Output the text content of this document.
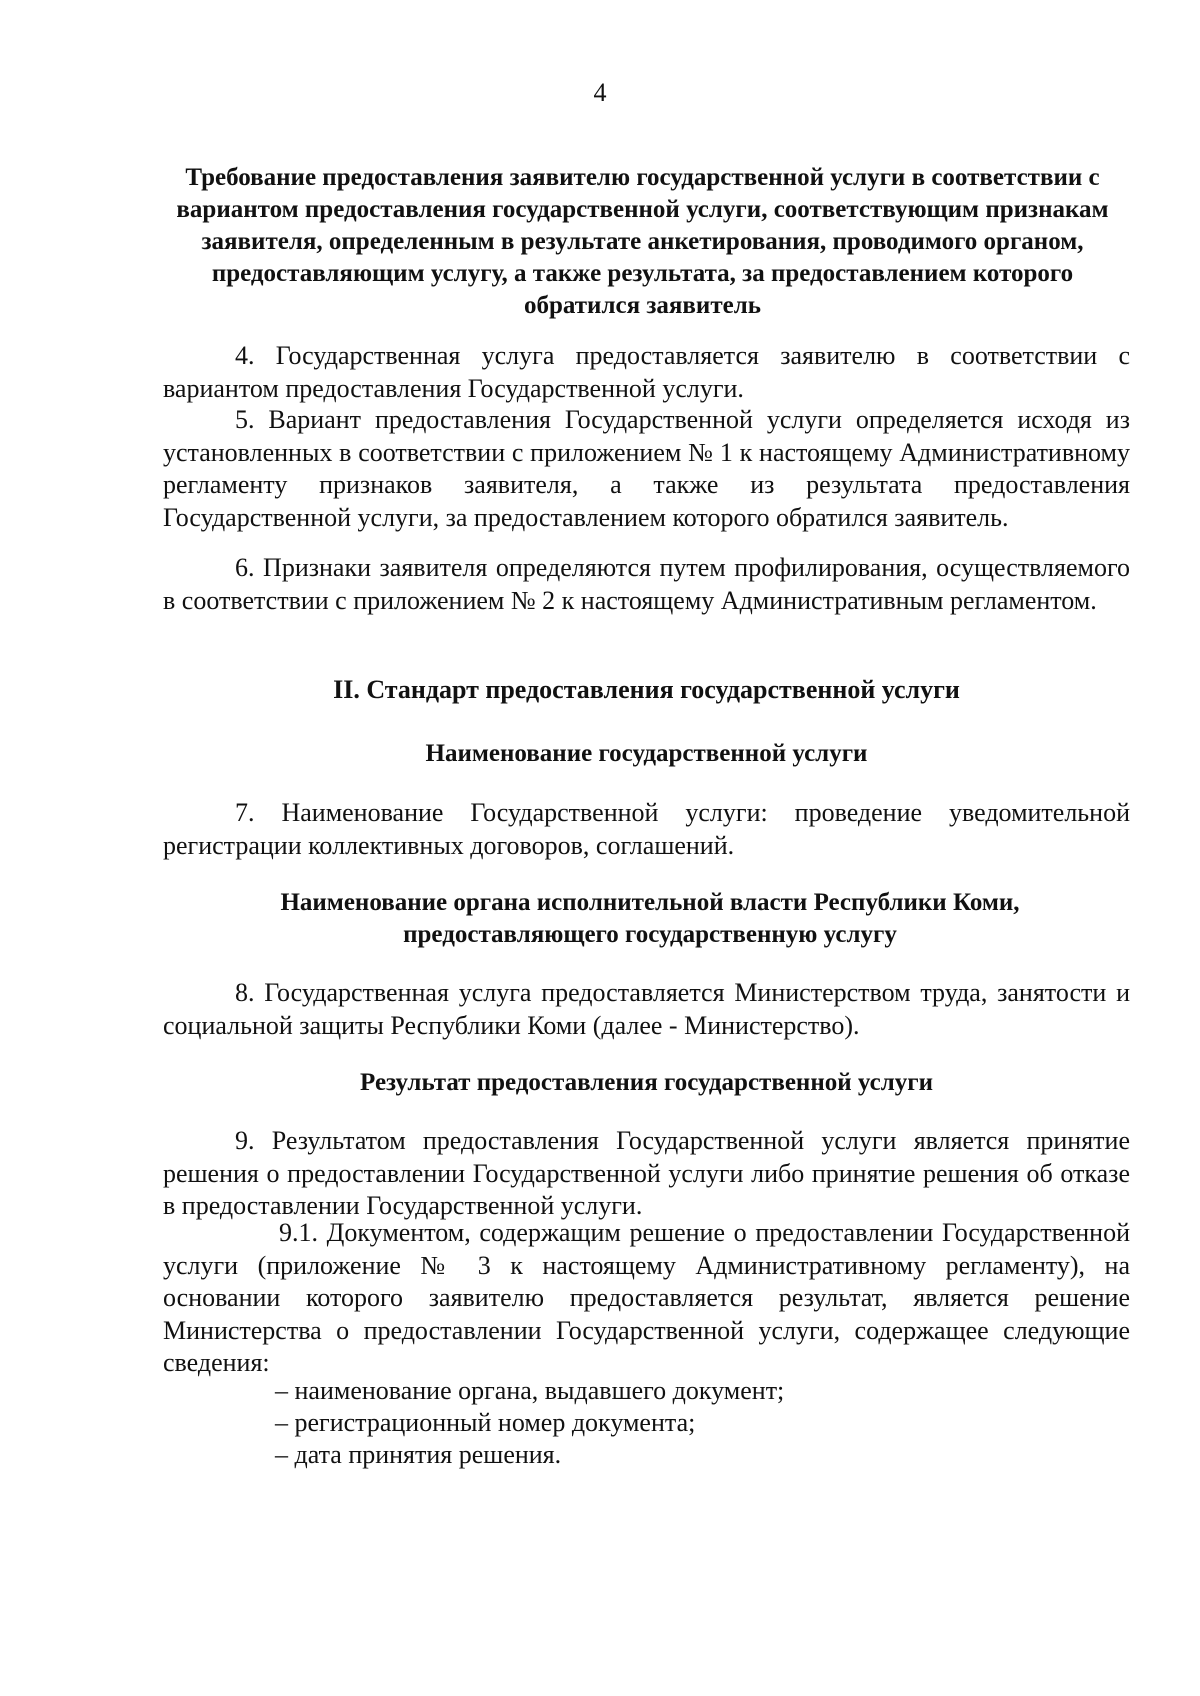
4

Требование предоставления заявителю государственной услуги в соответствии с вариантом предоставления государственной услуги, соответствующим признакам заявителя, определенным в результате анкетирования, проводимого органом, предоставляющим услугу, а также результата, за предоставлением которого обратился заявитель

4. Государственная услуга предоставляется заявителю в соответствии с вариантом предоставления Государственной услуги.

5. Вариант предоставления Государственной услуги определяется исходя из установленных в соответствии с приложением № 1 к настоящему Административному регламенту признаков заявителя, а также из результата предоставления Государственной услуги, за предоставлением которого обратился заявитель.

6. Признаки заявителя определяются путем профилирования, осуществляемого в соответствии с приложением № 2 к настоящему Административным регламентом.

II. Стандарт предоставления государственной услуги

Наименование государственной услуги

7. Наименование Государственной услуги: проведение уведомительной регистрации коллективных договоров, соглашений.

Наименование органа исполнительной власти Республики Коми, предоставляющего государственную услугу

8. Государственная услуга предоставляется Министерством труда, занятости и социальной защиты Республики Коми (далее - Министерство).

Результат предоставления государственной услуги

9. Результатом предоставления Государственной услуги является принятие решения о предоставлении Государственной услуги либо принятие решения об отказе в предоставлении Государственной услуги.

9.1. Документом, содержащим решение о предоставлении Государственной услуги (приложение № 3 к настоящему Административному регламенту), на основании которого заявителю предоставляется результат, является решение Министерства о предоставлении Государственной услуги, содержащее следующие сведения:

– наименование органа, выдавшего документ;

– регистрационный номер документа;

– дата принятия решения.
